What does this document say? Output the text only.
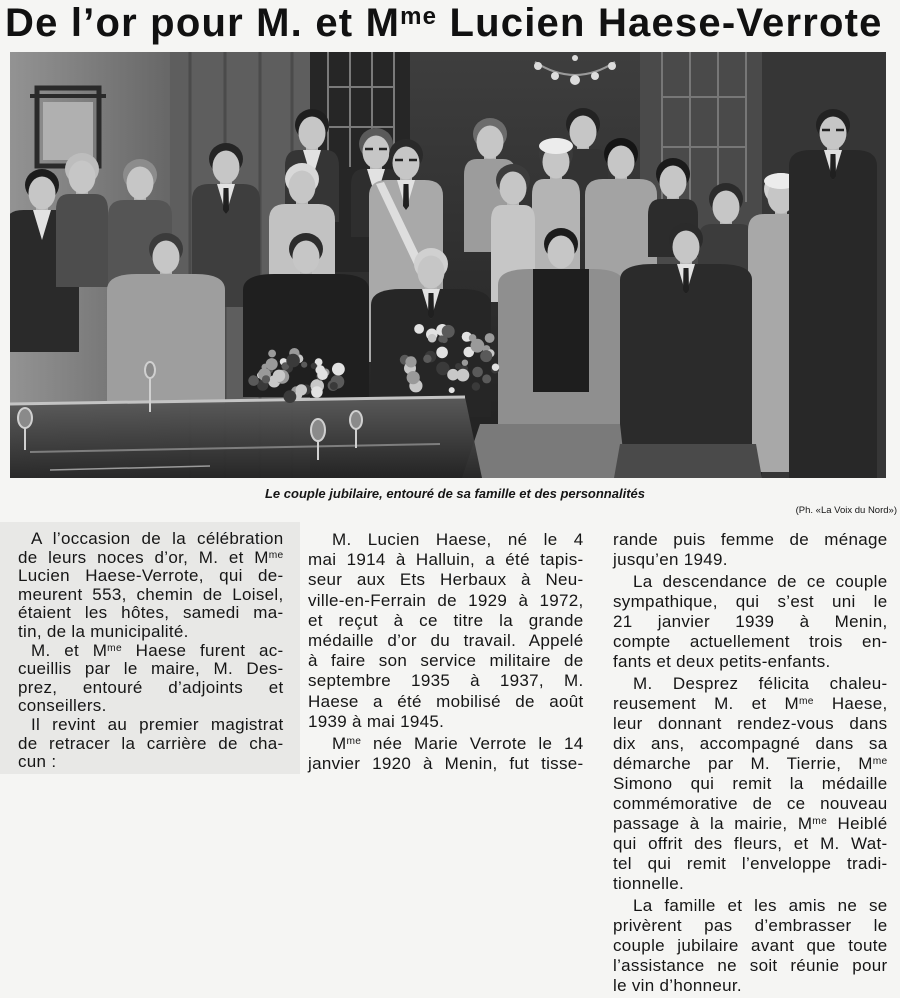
De l’or pour M. et $M^{me}$ Lucien Haese-Verrote
Le couple jubilaire, entouré de sa famille et des personnalités
(Ph. «La Voix du Nord»)
A l’occasion de la célébration
de leurs noces d’or, M. et $M^{me}$
Lucien Haese-Verrote, qui de-
meurent 553, chemin de Loisel,
étaient les hôtes, samedi ma-
tin, de la municipalité.
M. et $M^{me}$ Haese furent ac-
cueillis par le maire, M. Des-
prez, entouré d’adjoints et
conseillers.
Il revint au premier magistrat
de retracer la carrière de cha-
cun :
M. Lucien Haese, né le 4
mai 1914 à Halluin, a été tapis-
seur aux Ets Herbaux à Neu-
ville-en-Ferrain de 1929 à 1972,
et reçut à ce titre la grande
médaille d’or du travail. Appelé
à faire son service militaire de
septembre 1935 à 1937, M.
Haese a été mobilisé de août
1939 à mai 1945.
$M^{me}$ née Marie Verrote le 14
janvier 1920 à Menin, fut tisse-
rande puis femme de ménage
jusqu’en 1949.
La descendance de ce couple
sympathique, qui s’est uni le
21 janvier 1939 à Menin,
compte actuellement trois en-
fants et deux petits-enfants.
M. Desprez félicita chaleu-
reusement M. et $M^{me}$ Haese,
leur donnant rendez-vous dans
dix ans, accompagné dans sa
démarche par M. Tierrie, $M^{me}$
Simono qui remit la médaille
commémorative de ce nouveau
passage à la mairie, $M^{me}$ Heiblé
qui offrit des fleurs, et M. Wat-
tel qui remit l’enveloppe tradi-
tionnelle.
La famille et les amis ne se
privèrent pas d’embrasser le
couple jubilaire avant que toute
l’assistance ne soit réunie pour
le vin d’honneur.
